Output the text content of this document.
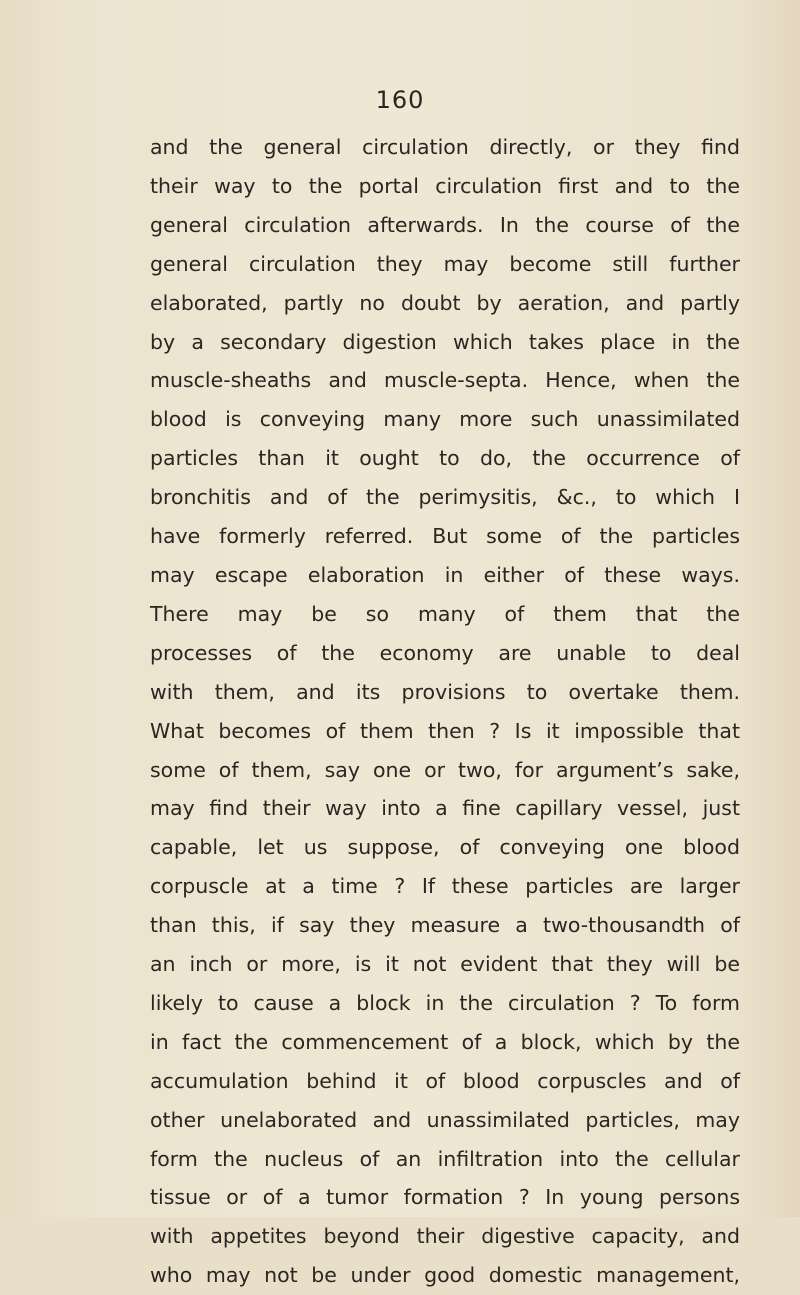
160
and the general circulation directly, or they find
their way to the portal circulation first and to the
general circulation afterwards. In the course of the
general circulation they may become still further
elaborated, partly no doubt by aeration, and partly
by a secondary digestion which takes place in the
muscle-sheaths and muscle-septa. Hence, when the
blood is conveying many more such unassimilated
particles than it ought to do, the occurrence of
bronchitis and of the perimysitis, &c., to which I
have formerly referred. But some of the particles
may escape elaboration in either of these ways.
There may be so many of them that the
processes of the economy are unable to deal
with them, and its provisions to overtake them.
What becomes of them then ? Is it impossible that
some of them, say one or two, for argument’s sake,
may find their way into a fine capillary vessel, just
capable, let us suppose, of conveying one blood
corpuscle at a time ? If these particles are larger
than this, if say they measure a two-thousandth of
an inch or more, is it not evident that they will be
likely to cause a block in the circulation ? To form
in fact the commencement of a block, which by the
accumulation behind it of blood corpuscles and of
other unelaborated and unassimilated particles, may
form the nucleus of an infiltration into the cellular
tissue or of a tumor formation ? In young persons
with appetites beyond their digestive capacity, and
who may not be under good domestic management,
